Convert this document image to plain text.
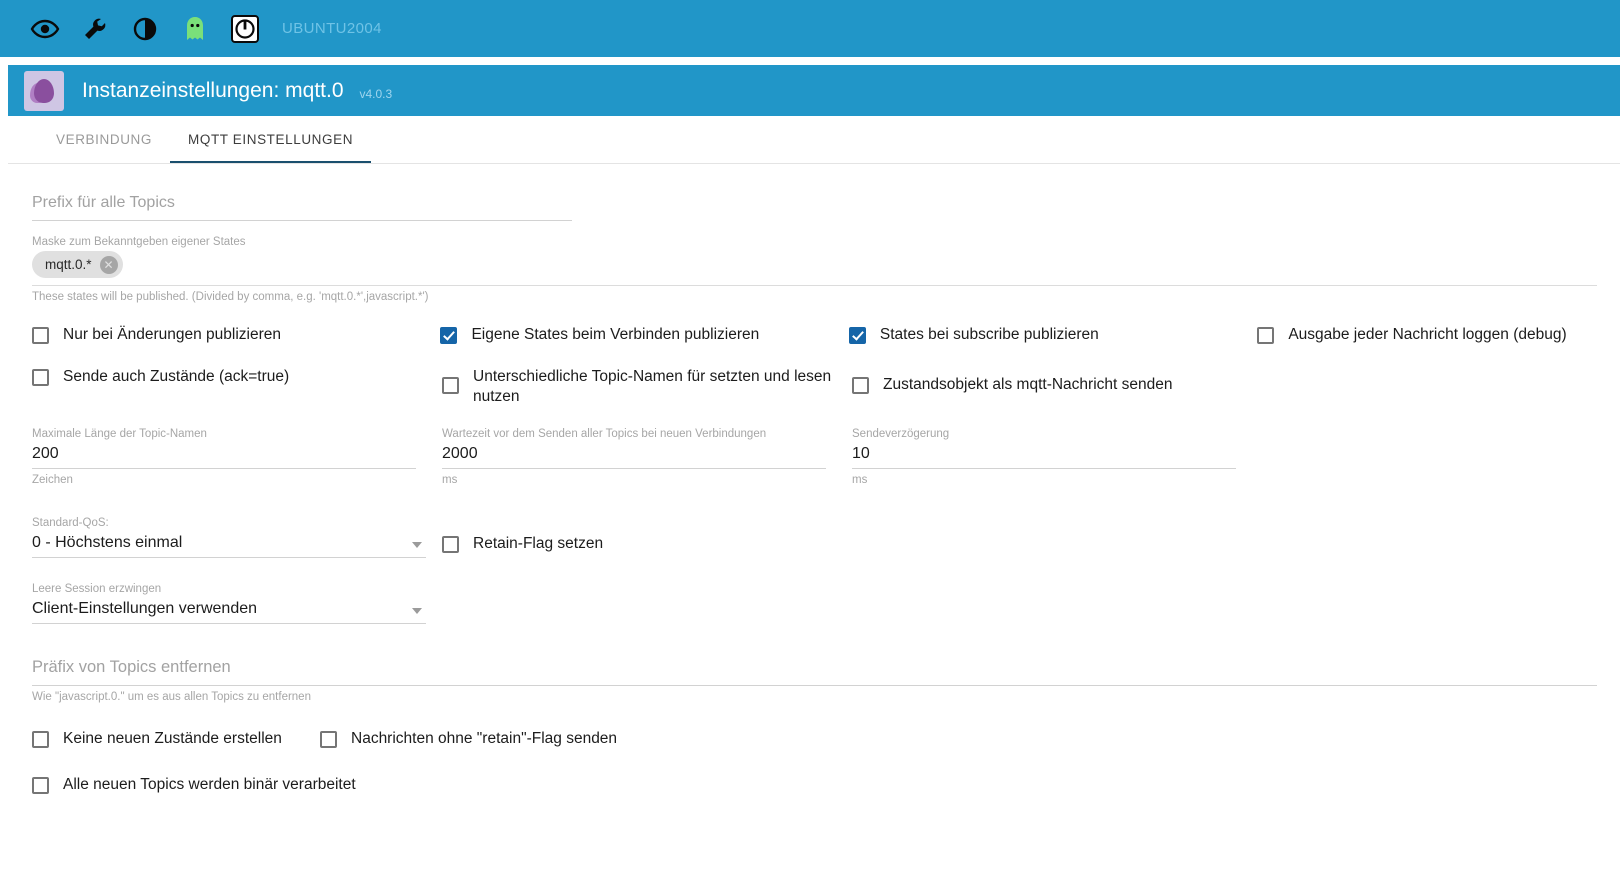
UBUNTU2004
Instanzeinstellungen: mqtt.0 v4.0.3
VERBINDUNG	MQTT EINSTELLUNGEN
Prefix für alle Topics
Maske zum Bekanntgeben eigener States
mqtt.0.* ✕
These states will be published. (Divided by comma, e.g. 'mqtt.0.*',javascript.*')
Nur bei Änderungen publizieren	Eigene States beim Verbinden publizieren	States bei subscribe publizieren	Ausgabe jeder Nachricht loggen (debug)
Sende auch Zustände (ack=true)	Unterschiedliche Topic-Namen für setzten und lesen nutzen
Zustandsobjekt als mqtt-Nachricht senden
Maximale Länge der Topic-Namen
200
Zeichen
Wartezeit vor dem Senden aller Topics bei neuen Verbindungen
2000
ms
Sendeverzögerung
10
ms
Standard-QoS:
0 - Höchstens einmal	Retain-Flag setzen
Leere Session erzwingen
Client-Einstellungen verwenden
Präfix von Topics entfernen
Wie "javascript.0." um es aus allen Topics zu entfernen
Keine neuen Zustände erstellen	Nachrichten ohne "retain"-Flag senden
Alle neuen Topics werden binär verarbeitet
